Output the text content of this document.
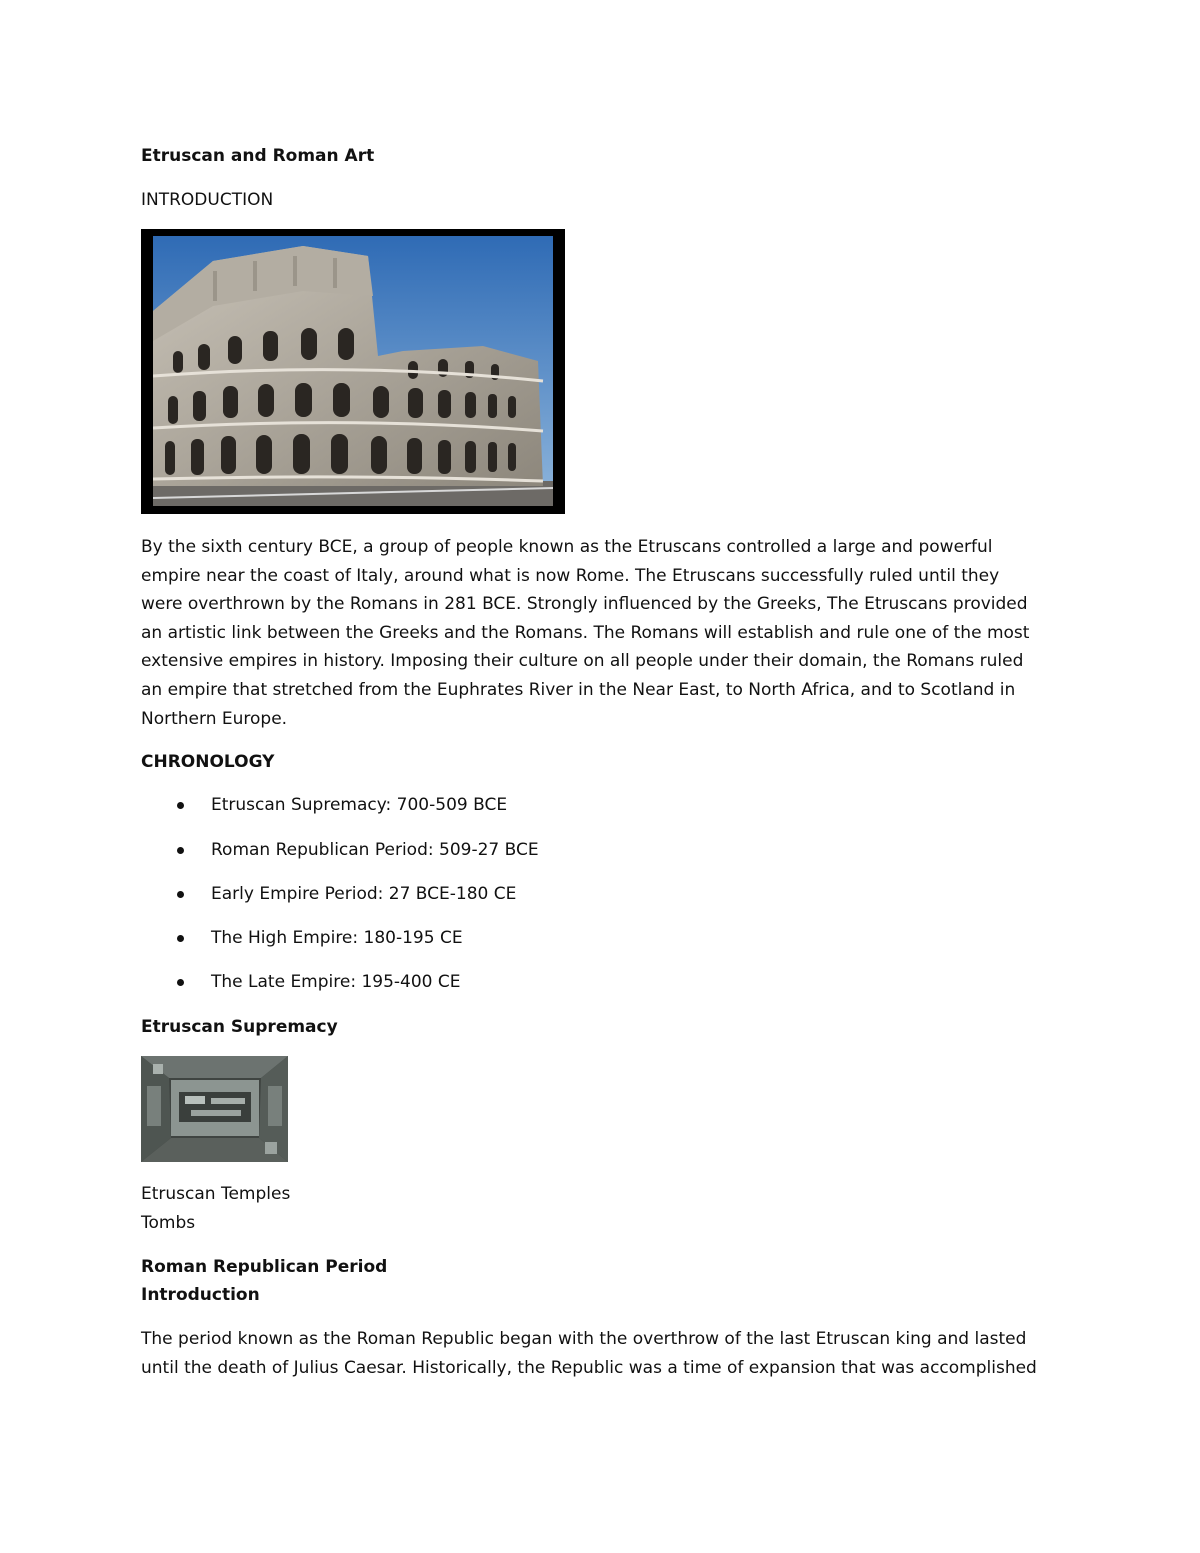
Etruscan and Roman Art
INTRODUCTION
By the sixth century BCE, a group of people known as the Etruscans controlled a large and powerful
empire near the coast of Italy, around what is now Rome. The Etruscans successfully ruled until they
were overthrown by the Romans in 281 BCE. Strongly influenced by the Greeks, The Etruscans provided
an artistic link between the Greeks and the Romans. The Romans will establish and rule one of the most
extensive empires in history. Imposing their culture on all people under their domain, the Romans ruled
an empire that stretched from the Euphrates River in the Near East, to North Africa, and to Scotland in
Northern Europe.
CHRONOLOGY
Etruscan Supremacy: 700-509 BCE
Roman Republican Period: 509-27 BCE
Early Empire Period: 27 BCE-180 CE
The High Empire: 180-195 CE
The Late Empire: 195-400 CE
Etruscan Supremacy
Etruscan Temples
Tombs
Roman Republican Period
Introduction
The period known as the Roman Republic began with the overthrow of the last Etruscan king and lasted
until the death of Julius Caesar. Historically, the Republic was a time of expansion that was accomplished
